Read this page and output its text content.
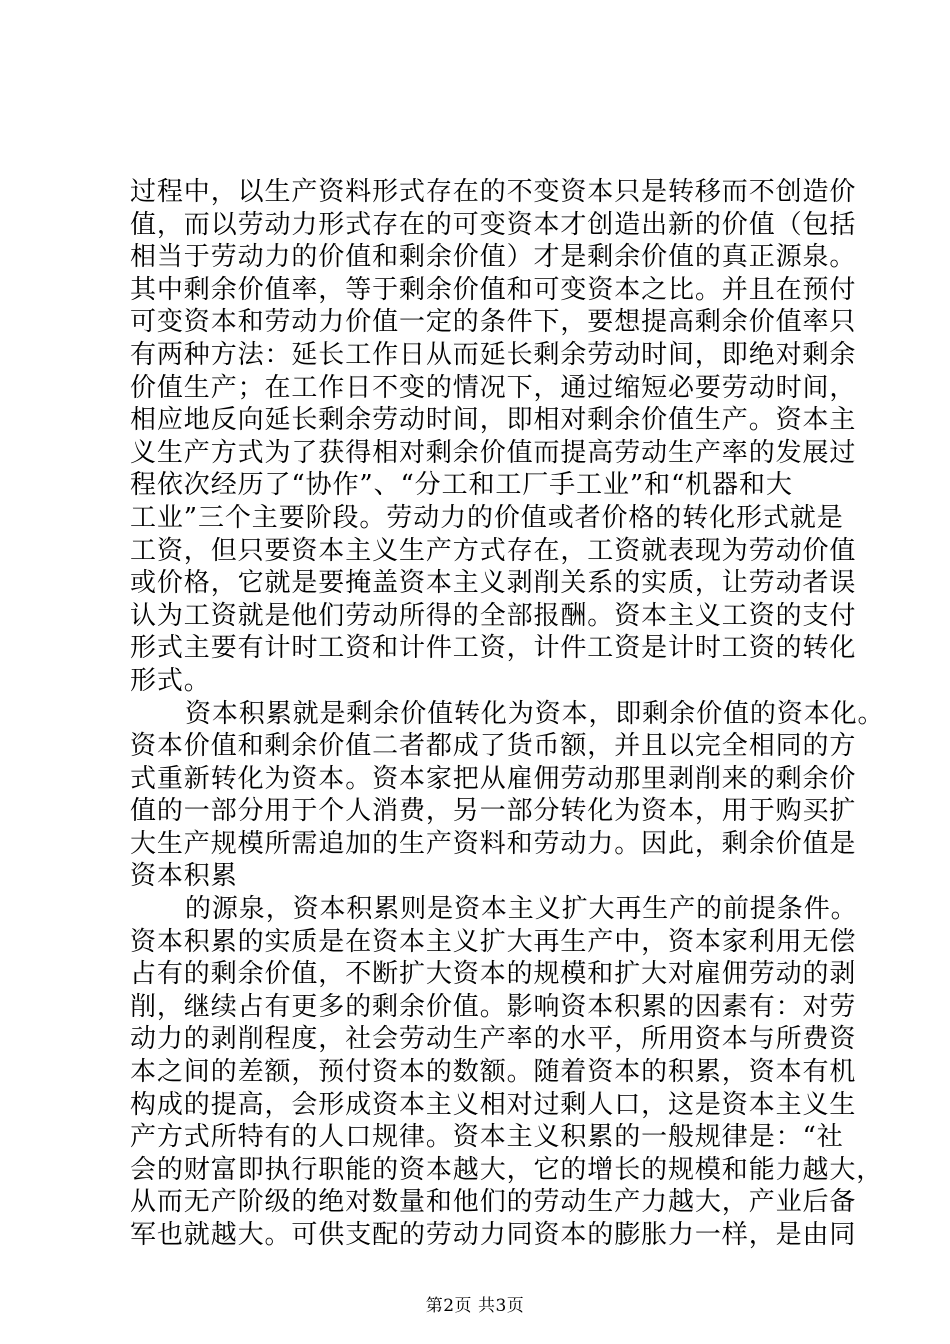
过程中，以生产资料形式存在的不变资本只是转移而不创造价
值，而以劳动力形式存在的可变资本才创造出新的价值（包括
相当于劳动力的价值和剩余价值）才是剩余价值的真正源泉。
其中剩余价值率，等于剩余价值和可变资本之比。并且在预付
可变资本和劳动力价值一定的条件下，要想提高剩余价值率只
有两种方法：延长工作日从而延长剩余劳动时间，即绝对剩余
价值生产；在工作日不变的情况下，通过缩短必要劳动时间，
相应地反向延长剩余劳动时间，即相对剩余价值生产。资本主
义生产方式为了获得相对剩余价值而提高劳动生产率的发展过
程依次经历了“协作”、“分工和工厂手工业”和“机器和大
工业”三个主要阶段。劳动力的价值或者价格的转化形式就是
工资，但只要资本主义生产方式存在，工资就表现为劳动价值
或价格，它就是要掩盖资本主义剥削关系的实质，让劳动者误
认为工资就是他们劳动所得的全部报酬。资本主义工资的支付
形式主要有计时工资和计件工资，计件工资是计时工资的转化
形式。
资本积累就是剩余价值转化为资本，即剩余价值的资本化。
资本价值和剩余价值二者都成了货币额，并且以完全相同的方
式重新转化为资本。资本家把从雇佣劳动那里剥削来的剩余价
值的一部分用于个人消费，另一部分转化为资本，用于购买扩
大生产规模所需追加的生产资料和劳动力。因此，剩余价值是
资本积累
的源泉，资本积累则是资本主义扩大再生产的前提条件。
资本积累的实质是在资本主义扩大再生产中，资本家利用无偿
占有的剩余价值，不断扩大资本的规模和扩大对雇佣劳动的剥
削，继续占有更多的剩余价值。影响资本积累的因素有：对劳
动力的剥削程度，社会劳动生产率的水平，所用资本与所费资
本之间的差额，预付资本的数额。随着资本的积累，资本有机
构成的提高，会形成资本主义相对过剩人口，这是资本主义生
产方式所特有的人口规律。资本主义积累的一般规律是：“社
会的财富即执行职能的资本越大，它的增长的规模和能力越大，
从而无产阶级的绝对数量和他们的劳动生产力越大，产业后备
军也就越大。可供支配的劳动力同资本的膨胀力一样，是由同
第2页 共3页
